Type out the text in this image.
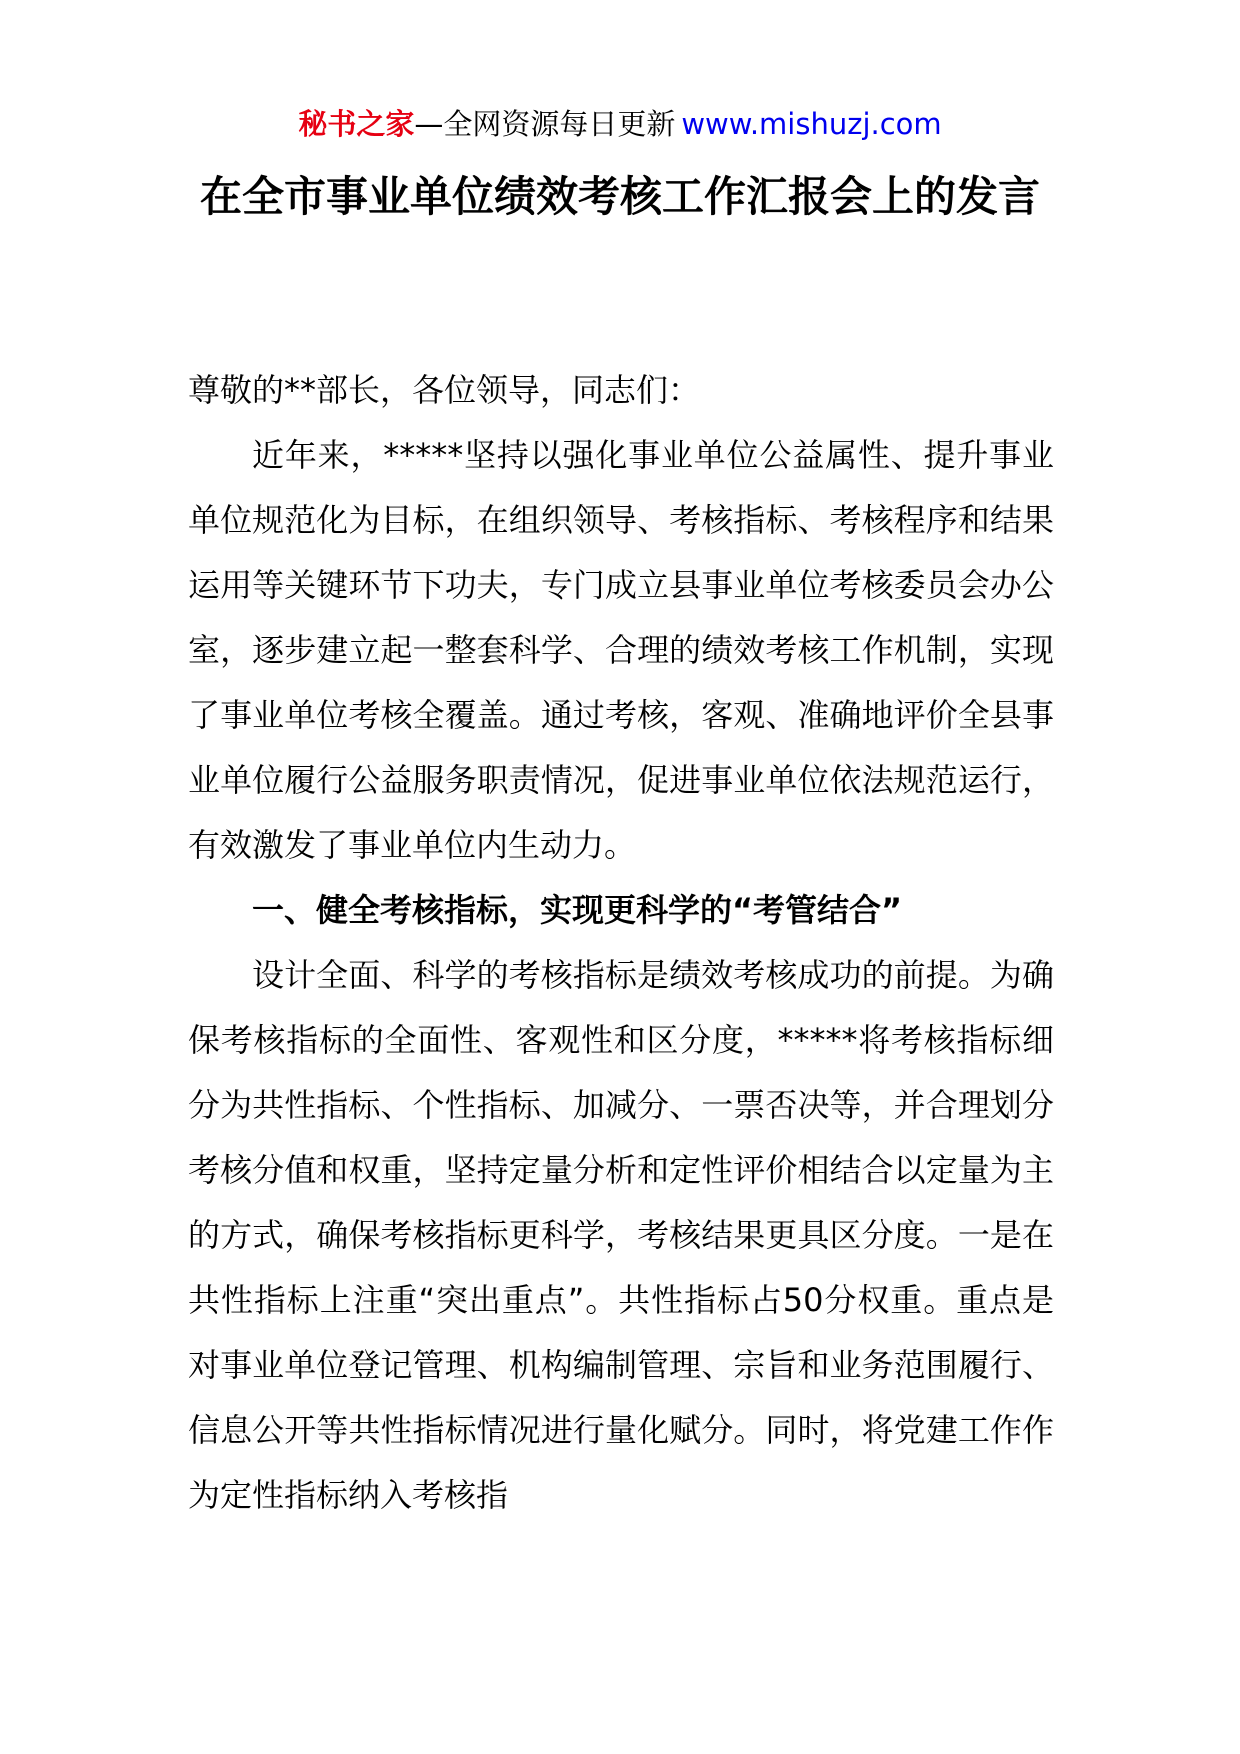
秘书之家—全网资源每日更新 www.mishuzj.com
在全市事业单位绩效考核工作汇报会上的发言

尊敬的**部长，各位领导，同志们：

近年来，*****坚持以强化事业单位公益属性、提升事业单位规范化为目标，在组织领导、考核指标、考核程序和结果运用等关键环节下功夫，专门成立县事业单位考核委员会办公室，逐步建立起一整套科学、合理的绩效考核工作机制，实现了事业单位考核全覆盖。通过考核，客观、准确地评价全县事业单位履行公益服务职责情况，促进事业单位依法规范运行，有效激发了事业单位内生动力。

一、健全考核指标，实现更科学的“考管结合”

设计全面、科学的考核指标是绩效考核成功的前提。为确保考核指标的全面性、客观性和区分度，*****将考核指标细分为共性指标、个性指标、加减分、一票否决等，并合理划分考核分值和权重，坚持定量分析和定性评价相结合以定量为主的方式，确保考核指标更科学，考核结果更具区分度。一是在共性指标上注重“突出重点”。共性指标占50分权重。重点是对事业单位登记管理、机构编制管理、宗旨和业务范围履行、信息公开等共性指标情况进行量化赋分。同时，将党建工作作为定性指标纳入考核指
